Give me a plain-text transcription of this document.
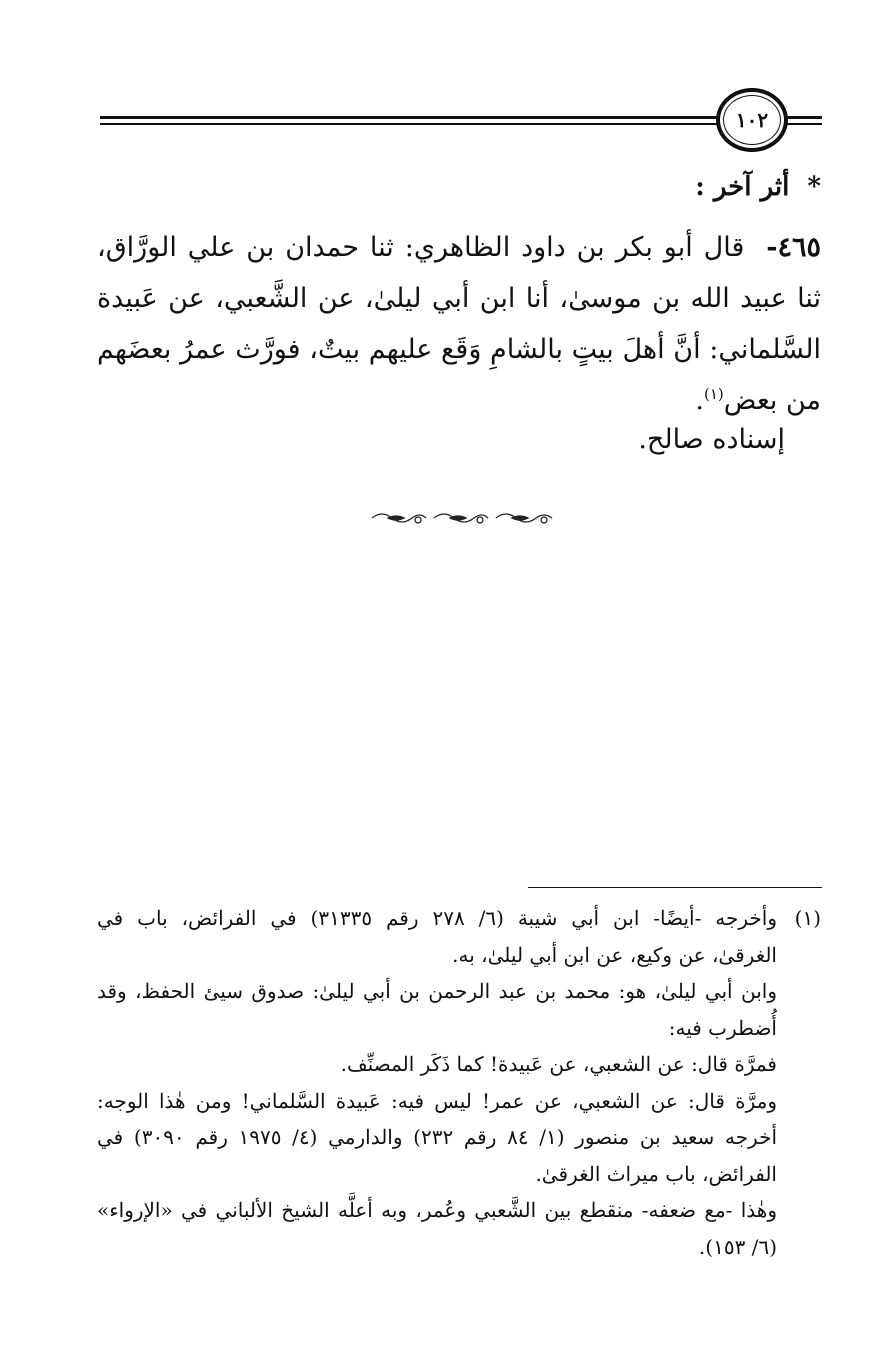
١٠٢
*أثر آخر :
٤٦٥-  قال أبو بكر بن داود الظاهري: ثنا حمدان بن علي الورَّاق، ثنا عبيد الله بن موسىٰ، أنا ابن أبي ليلىٰ، عن الشَّعبي، عن عَبيدة السَّلماني: أنَّ أهلَ بيتٍ بالشامِ وَقَع عليهم بيتٌ، فورَّث عمرُ بعضَهم من بعض$^{(١)}$.
إسناده صالح.
(١)وأخرجه -أيضًا- ابن أبي شيبة (٦/ ٢٧٨ رقم ٣١٣٣٥) في الفرائض، باب في
الغرقىٰ، عن وكيع، عن ابن أبي ليلىٰ، به.
وابن أبي ليلىٰ، هو: محمد بن عبد الرحمن بن أبي ليلىٰ: صدوق سيئ الحفظ، وقد
أُضطرب فيه:
فمرَّة قال: عن الشعبي، عن عَبيدة! كما ذَكَر المصنِّف.
ومرَّة قال: عن الشعبي، عن عمر! ليس فيه: عَبيدة السَّلماني! ومن هٰذا الوجه:
أخرجه سعيد بن منصور (١/ ٨٤ رقم ٢٣٢) والدارمي (٤/ ١٩٧٥ رقم ٣٠٩٠) في
الفرائض، باب ميراث الغرقىٰ.
وهٰذا -مع ضعفه- منقطع بين الشَّعبي وعُمر، وبه أعلَّه الشيخ الألباني في «الإرواء»
(٦/ ١٥٣).
